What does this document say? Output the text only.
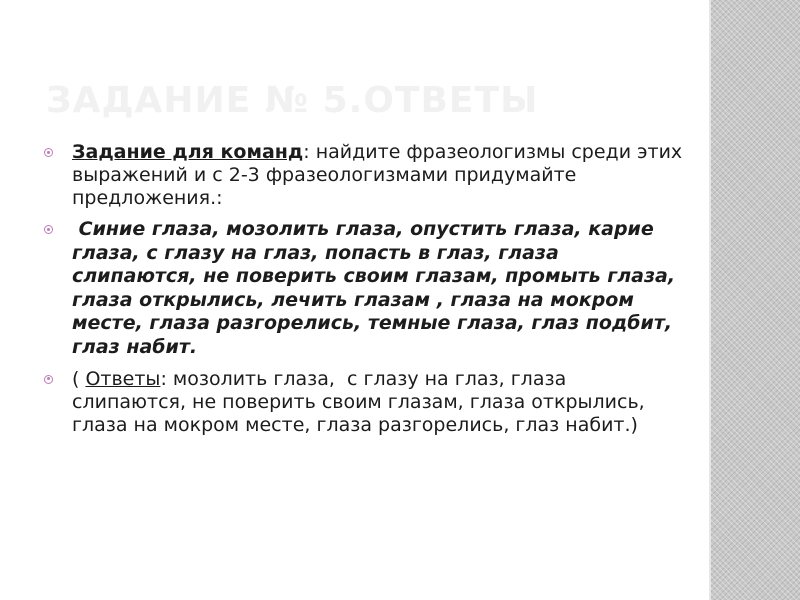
ЗАДАНИЕ № 5.ОТВЕТЫ
Задание для команд: найдите фразеологизмы среди этих выражений и с 2-3 фразеологизмами придумайте предложения.:
Синие глаза, мозолить глаза, опустить глаза, карие глаза, с глазу на глаз, попасть в глаз, глаза слипаются, не поверить своим глазам, промыть глаза, глаза открылись, лечить глазам , глаза на мокром месте, глаза разгорелись, темные глаза, глаз подбит, глаз набит.
( Ответы: мозолить глаза,  с глазу на глаз, глаза слипаются, не поверить своим глазам, глаза открылись, глаза на мокром месте, глаза разгорелись, глаз набит.)
